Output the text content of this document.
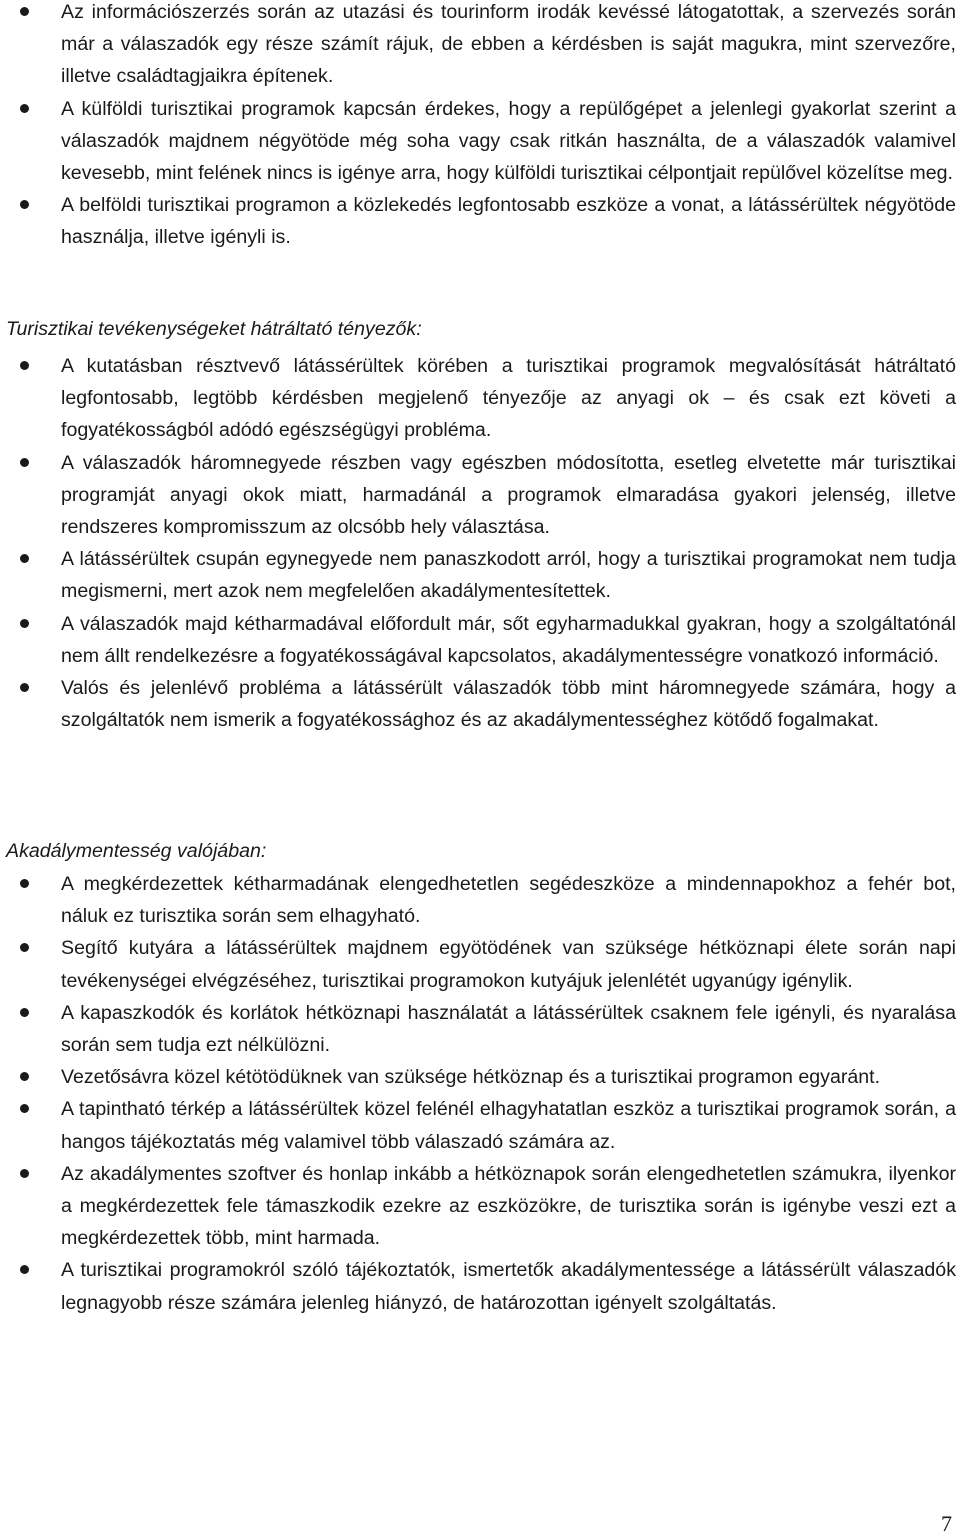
Az információszerzés során az utazási és tourinform irodák kevéssé látogatottak, a szervezés során már a válaszadók egy része számít rájuk, de ebben a kérdésben is saját magukra, mint szervezőre, illetve családtagjaikra építenek.
A külföldi turisztikai programok kapcsán érdekes, hogy a repülőgépet a jelenlegi gyakorlat szerint a válaszadók majdnem négyötöde még soha vagy csak ritkán használta, de a válaszadók valamivel kevesebb, mint felének nincs is igénye arra, hogy külföldi turisztikai célpontjait repülővel közelítse meg.
A belföldi turisztikai programon a közlekedés legfontosabb eszköze a vonat, a látássérültek négyötöde használja, illetve igényli is.
Turisztikai tevékenységeket hátráltató tényezők:
A kutatásban résztvevő látássérültek körében a turisztikai programok megvalósítását hátráltató legfontosabb, legtöbb kérdésben megjelenő tényezője az anyagi ok – és csak ezt követi a fogyatékosságból adódó egészségügyi probléma.
A válaszadók háromnegyede részben vagy egészben módosította, esetleg elvetette már turisztikai programját anyagi okok miatt, harmadánál a programok elmaradása gyakori jelenség, illetve rendszeres kompromisszum az olcsóbb hely választása.
A látássérültek csupán egynegyede nem panaszkodott arról, hogy a turisztikai programokat nem tudja megismerni, mert azok nem megfelelően akadálymentesítettek.
A válaszadók majd kétharmadával előfordult már, sőt egyharmadukkal gyakran, hogy a szolgáltatónál nem állt rendelkezésre a fogyatékosságával kapcsolatos, akadálymentességre vonatkozó információ.
Valós és jelenlévő probléma a látássérült válaszadók több mint háromnegyede számára, hogy a szolgáltatók nem ismerik a fogyatékossághoz és az akadálymentességhez kötődő fogalmakat.
Akadálymentesség valójában:
A megkérdezettek kétharmadának elengedhetetlen segédeszköze a mindennapokhoz a fehér bot, náluk ez turisztika során sem elhagyható.
Segítő kutyára a látássérültek majdnem egyötödének van szüksége hétköznapi élete során napi tevékenységei elvégzéséhez, turisztikai programokon kutyájuk jelenlétét ugyanúgy igénylik.
A kapaszkodók és korlátok hétköznapi használatát a látássérültek csaknem fele igényli, és nyaralása során sem tudja ezt nélkülözni.
Vezetősávra közel kétötödüknek van szüksége hétköznap és a turisztikai programon egyaránt.
A tapintható térkép a látássérültek közel felénél elhagyhatatlan eszköz a turisztikai programok során, a hangos tájékoztatás még valamivel több válaszadó számára az.
Az akadálymentes szoftver és honlap inkább a hétköznapok során elengedhetetlen számukra, ilyenkor a megkérdezettek fele támaszkodik ezekre az eszközökre, de turisztika során is igénybe veszi ezt a megkérdezettek több, mint harmada.
A turisztikai programokról szóló tájékoztatók, ismertetők akadálymentessége a látássérült válaszadók legnagyobb része számára jelenleg hiányzó, de határozottan igényelt szolgáltatás.
7
